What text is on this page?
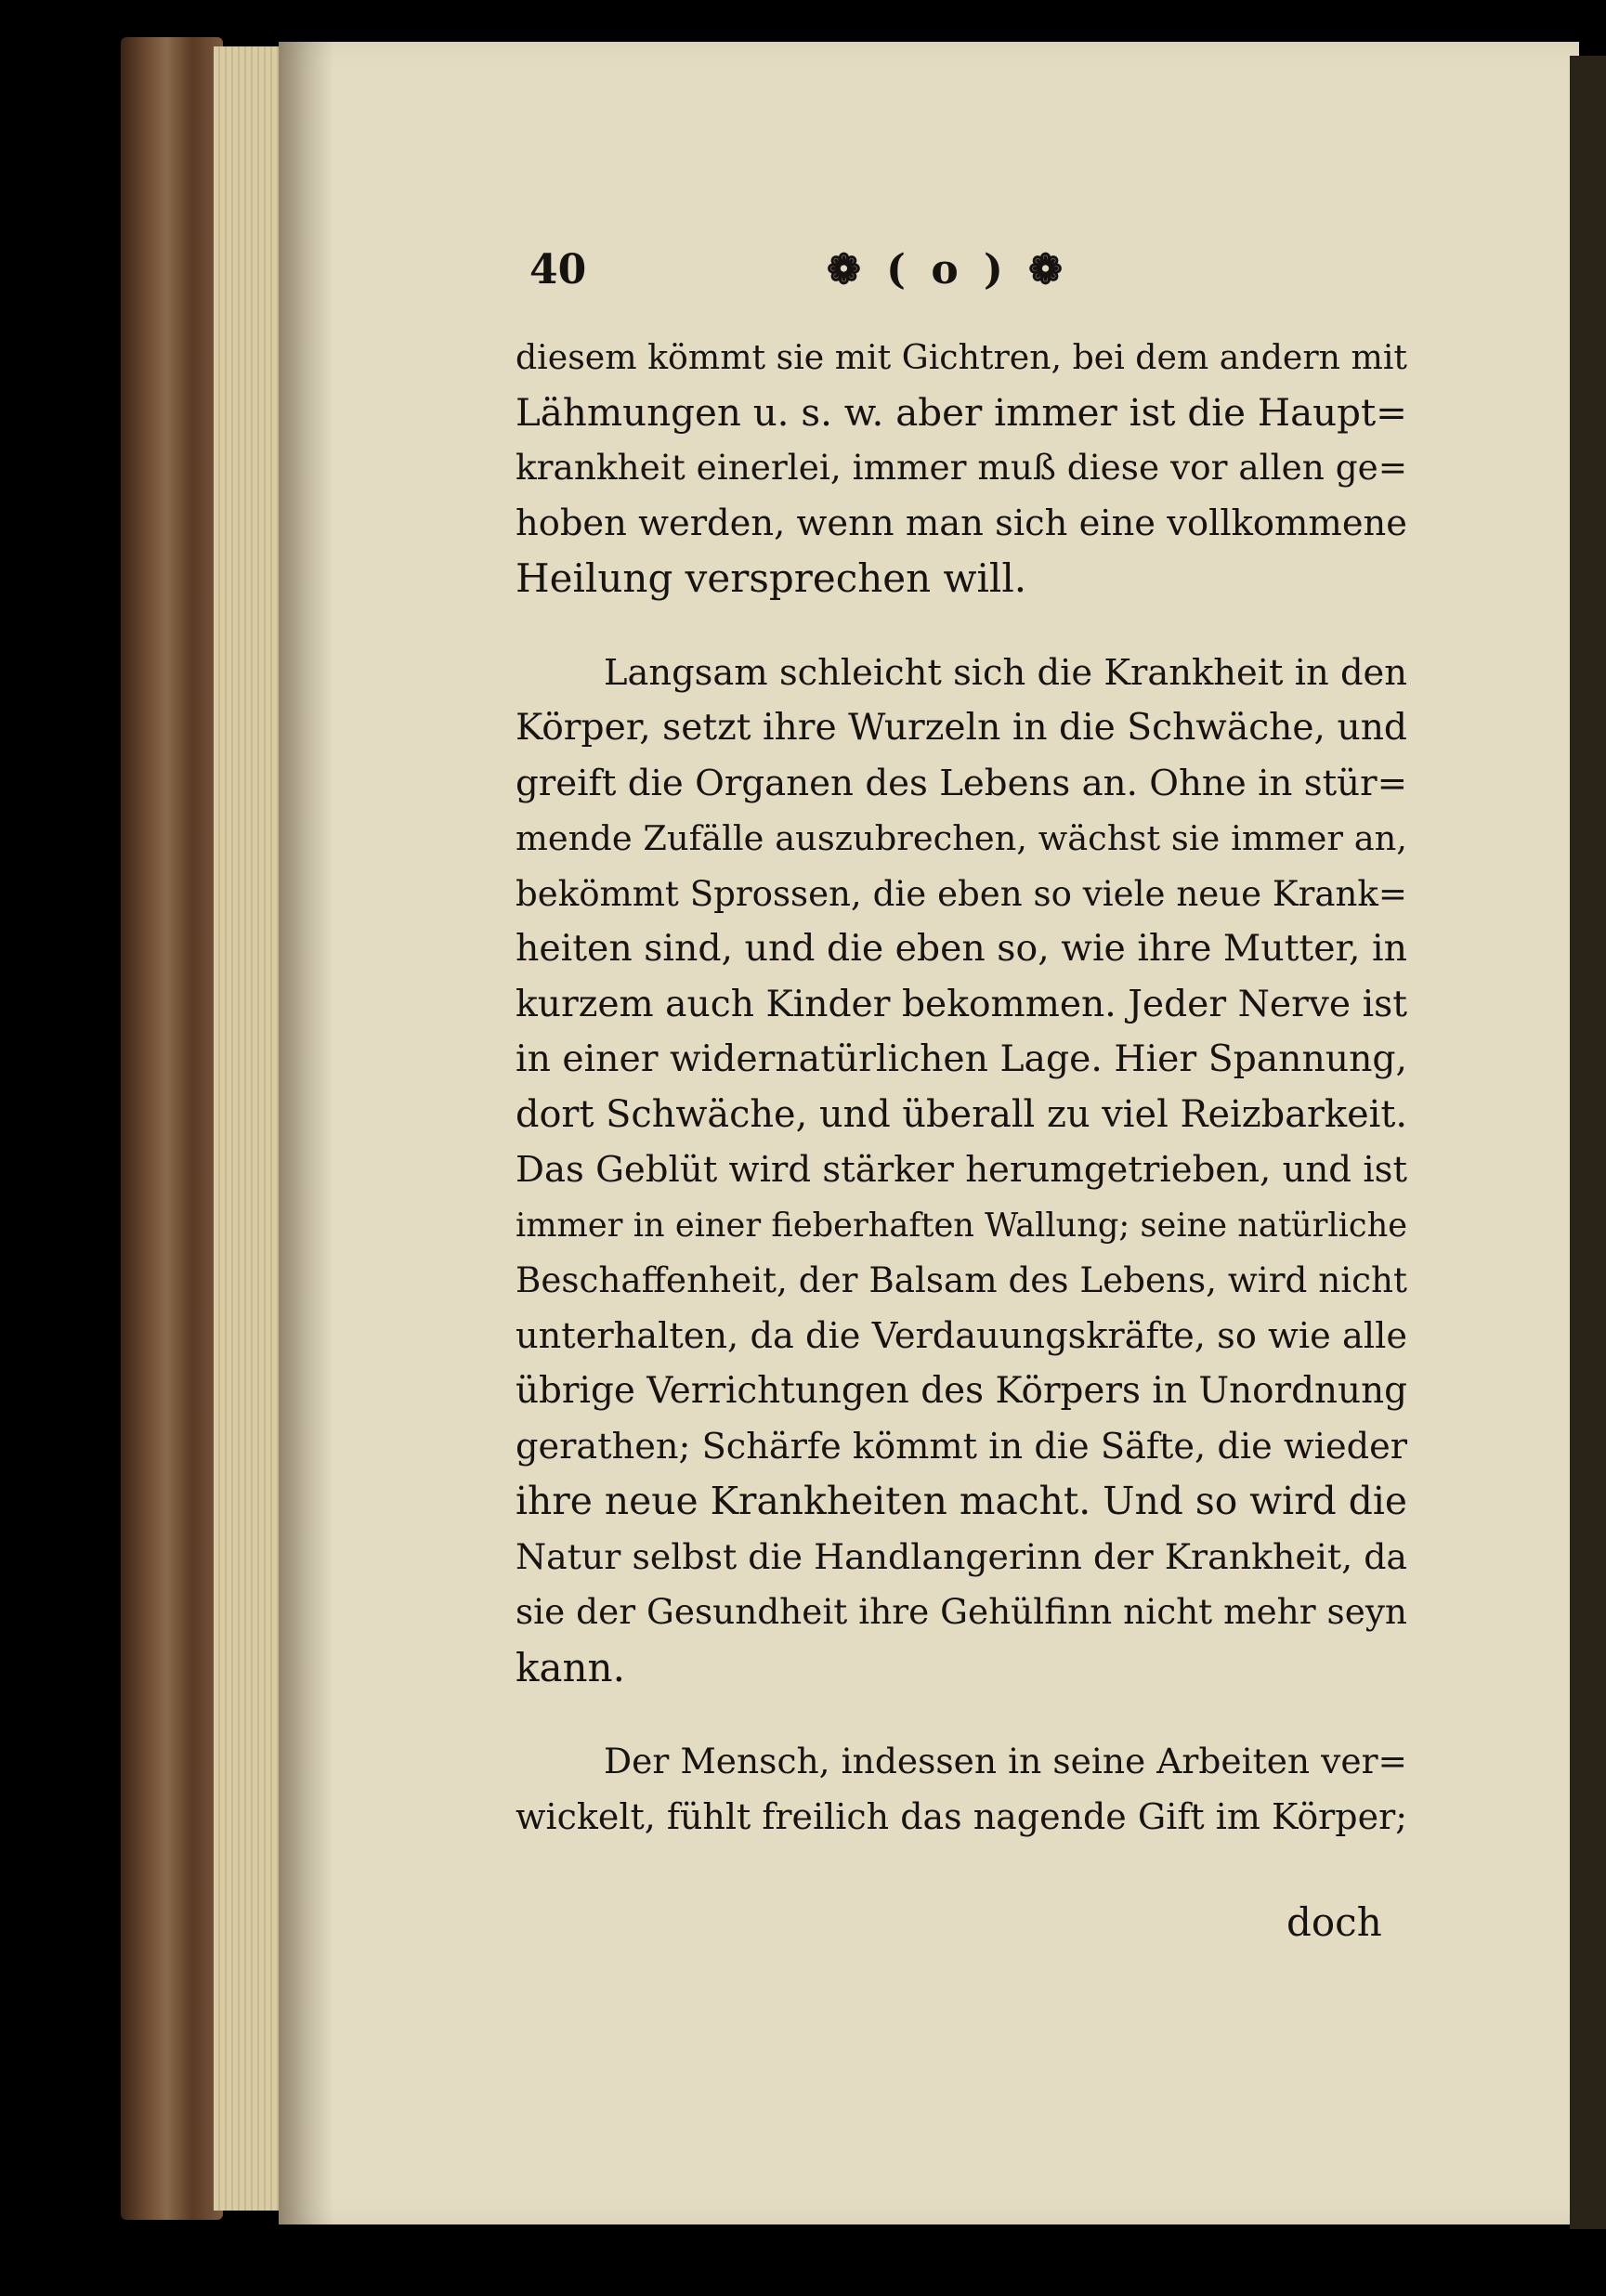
40	❁ ( o ) ❁
diesem kömmt sie mit Gichtren, bei dem andern mit
Lähmungen u. s. w. aber immer ist die Haupt=
krankheit einerlei, immer muß diese vor allen ge=
hoben werden, wenn man sich eine vollkommene
Heilung versprechen will.
Langsam schleicht sich die Krankheit in den
Körper, setzt ihre Wurzeln in die Schwäche, und
greift die Organen des Lebens an. Ohne in stür=
mende Zufälle auszubrechen, wächst sie immer an,
bekömmt Sprossen, die eben so viele neue Krank=
heiten sind, und die eben so, wie ihre Mutter, in
kurzem auch Kinder bekommen. Jeder Nerve ist
in einer widernatürlichen Lage. Hier Spannung,
dort Schwäche, und überall zu viel Reizbarkeit.
Das Geblüt wird stärker herumgetrieben, und ist
immer in einer fieberhaften Wallung; seine natürliche
Beschaffenheit, der Balsam des Lebens, wird nicht
unterhalten, da die Verdauungskräfte, so wie alle
übrige Verrichtungen des Körpers in Unordnung
gerathen; Schärfe kömmt in die Säfte, die wieder
ihre neue Krankheiten macht. Und so wird die
Natur selbst die Handlangerinn der Krankheit, da
sie der Gesundheit ihre Gehülfinn nicht mehr seyn
kann.
Der Mensch, indessen in seine Arbeiten ver=
wickelt, fühlt freilich das nagende Gift im Körper;
doch
